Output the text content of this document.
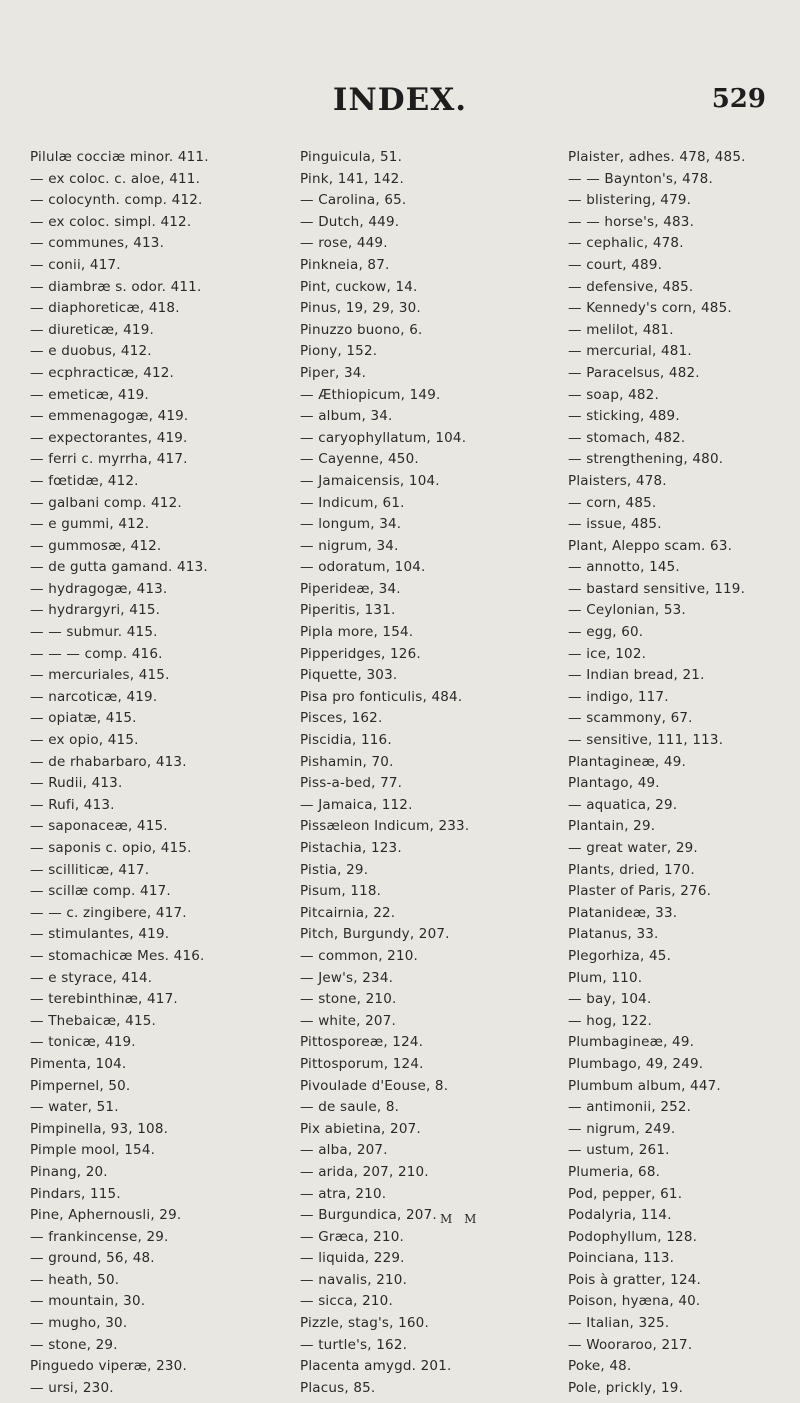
INDEX.	529
Pilulæ cocciæ minor. 411.
— ex coloc. c. aloe, 411.
— colocynth. comp. 412.
— ex coloc. simpl. 412.
— communes, 413.
— conii, 417.
— diambræ s. odor. 411.
— diaphoreticæ, 418.
— diureticæ, 419.
— e duobus, 412.
— ecphracticæ, 412.
— emeticæ, 419.
— emmenagogæ, 419.
— expectorantes, 419.
— ferri c. myrrha, 417.
— fœtidæ, 412.
— galbani comp. 412.
— e gummi, 412.
— gummosæ, 412.
— de gutta gamand. 413.
— hydragogæ, 413.
— hydrargyri, 415.
— — submur. 415.
— — — comp. 416.
— mercuriales, 415.
— narcoticæ, 419.
— opiatæ, 415.
— ex opio, 415.
— de rhabarbaro, 413.
— Rudii, 413.
— Rufi, 413.
— saponaceæ, 415.
— saponis c. opio, 415.
— scilliticæ, 417.
— scillæ comp. 417.
— — c. zingibere, 417.
— stimulantes, 419.
— stomachicæ Mes. 416.
— e styrace, 414.
— terebinthinæ, 417.
— Thebaicæ, 415.
— tonicæ, 419.
Pimenta, 104.
Pimpernel, 50.
— water, 51.
Pimpinella, 93, 108.
Pimple mool, 154.
Pinang, 20.
Pindars, 115.
Pine, Aphernousli, 29.
— frankincense, 29.
— ground, 56, 48.
— heath, 50.
— mountain, 30.
— mugho, 30.
— stone, 29.
Pinguedo viperæ, 230.
— ursi, 230.
Pinguicula, 51.
Pink, 141, 142.
— Carolina, 65.
— Dutch, 449.
— rose, 449.
Pinkneia, 87.
Pint, cuckow, 14.
Pinus, 19, 29, 30.
Pinuzzo buono, 6.
Piony, 152.
Piper, 34.
— Æthiopicum, 149.
— album, 34.
— caryophyllatum, 104.
— Cayenne, 450.
— Jamaicensis, 104.
— Indicum, 61.
— longum, 34.
— nigrum, 34.
— odoratum, 104.
Piperideæ, 34.
Piperitis, 131.
Pipla more, 154.
Pipperidges, 126.
Piquette, 303.
Pisa pro fonticulis, 484.
Pisces, 162.
Piscidia, 116.
Pishamin, 70.
Piss-a-bed, 77.
— Jamaica, 112.
Pissæleon Indicum, 233.
Pistachia, 123.
Pistia, 29.
Pisum, 118.
Pitcairnia, 22.
Pitch, Burgundy, 207.
— common, 210.
— Jew's, 234.
— stone, 210.
— white, 207.
Pittosporeæ, 124.
Pittosporum, 124.
Pivoulade d'Eouse, 8.
— de saule, 8.
Pix abietina, 207.
— alba, 207.
— arida, 207, 210.
— atra, 210.
— Burgundica, 207.
— Græca, 210.
— liquida, 229.
— navalis, 210.
— sicca, 210.
Pizzle, stag's, 160.
— turtle's, 162.
Placenta amygd. 201.
Placus, 85.
Plaister, adhes. 478, 485.
— — Baynton's, 478.
— blistering, 479.
— — horse's, 483.
— cephalic, 478.
— court, 489.
— defensive, 485.
— Kennedy's corn, 485.
— melilot, 481.
— mercurial, 481.
— Paracelsus, 482.
— soap, 482.
— sticking, 489.
— stomach, 482.
— strengthening, 480.
Plaisters, 478.
— corn, 485.
— issue, 485.
Plant, Aleppo scam. 63.
— annotto, 145.
— bastard sensitive, 119.
— Ceylonian, 53.
— egg, 60.
— ice, 102.
— Indian bread, 21.
— indigo, 117.
— scammony, 67.
— sensitive, 111, 113.
Plantagineæ, 49.
Plantago, 49.
— aquatica, 29.
Plantain, 29.
— great water, 29.
Plants, dried, 170.
Plaster of Paris, 276.
Platanideæ, 33.
Platanus, 33.
Plegorhiza, 45.
Plum, 110.
— bay, 104.
— hog, 122.
Plumbagineæ, 49.
Plumbago, 49, 249.
Plumbum album, 447.
— antimonii, 252.
— nigrum, 249.
— ustum, 261.
Plumeria, 68.
Pod, pepper, 61.
Podalyria, 114.
Podophyllum, 128.
Poinciana, 113.
Pois à gratter, 124.
Poison, hyæna, 40.
— Italian, 325.
— Wooraroo, 217.
Poke, 48.
Pole, prickly, 19.
M M
